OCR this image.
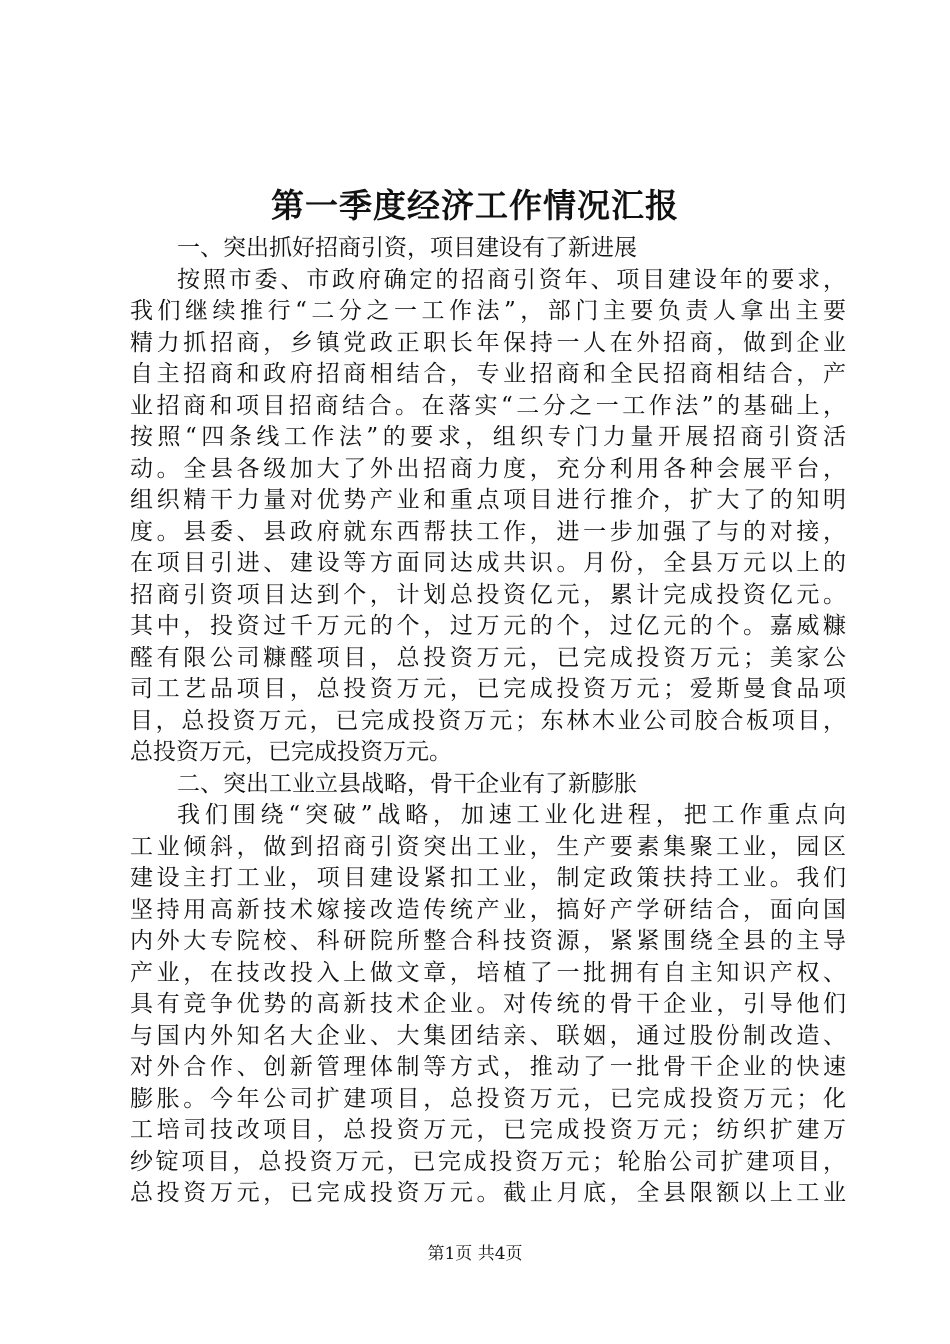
第一季度经济工作情况汇报
一、突出抓好招商引资，项目建设有了新进展
按照市委、市政府确定的招商引资年、项目建设年的要求，
我们继续推行“二分之一工作法”，部门主要负责人拿出主要
精力抓招商，乡镇党政正职长年保持一人在外招商，做到企业
自主招商和政府招商相结合，专业招商和全民招商相结合，产
业招商和项目招商结合。在落实“二分之一工作法”的基础上，
按照“四条线工作法”的要求，组织专门力量开展招商引资活
动。全县各级加大了外出招商力度，充分利用各种会展平台，
组织精干力量对优势产业和重点项目进行推介，扩大了的知明
度。县委、县政府就东西帮扶工作，进一步加强了与的对接，
在项目引进、建设等方面同达成共识。月份，全县万元以上的
招商引资项目达到个，计划总投资亿元，累计完成投资亿元。
其中，投资过千万元的个，过万元的个，过亿元的个。嘉威糠
醛有限公司糠醛项目，总投资万元，已完成投资万元；美家公
司工艺品项目，总投资万元，已完成投资万元；爱斯曼食品项
目，总投资万元，已完成投资万元；东林木业公司胶合板项目，
总投资万元，已完成投资万元。
二、突出工业立县战略，骨干企业有了新膨胀
我们围绕“突破”战略，加速工业化进程，把工作重点向
工业倾斜，做到招商引资突出工业，生产要素集聚工业，园区
建设主打工业，项目建设紧扣工业，制定政策扶持工业。我们
坚持用高新技术嫁接改造传统产业，搞好产学研结合，面向国
内外大专院校、科研院所整合科技资源，紧紧围绕全县的主导
产业，在技改投入上做文章，培植了一批拥有自主知识产权、
具有竞争优势的高新技术企业。对传统的骨干企业，引导他们
与国内外知名大企业、大集团结亲、联姻，通过股份制改造、
对外合作、创新管理体制等方式，推动了一批骨干企业的快速
膨胀。今年公司扩建项目，总投资万元，已完成投资万元；化
工培司技改项目，总投资万元，已完成投资万元；纺织扩建万
纱锭项目，总投资万元，已完成投资万元；轮胎公司扩建项目，
总投资万元，已完成投资万元。截止月底，全县限额以上工业
第1页 共4页
